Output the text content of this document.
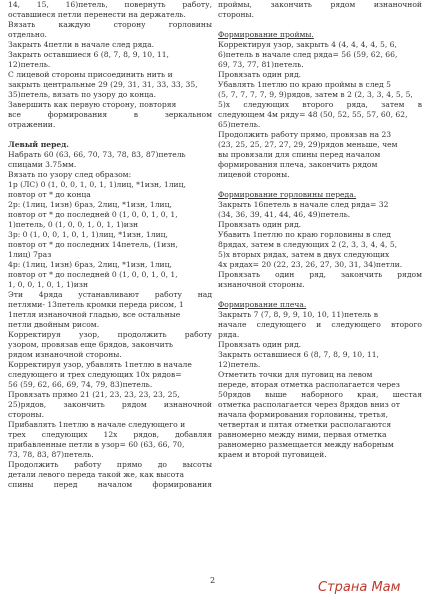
14, 15, 16)петель, повернуть работу,

оставшиеся петли перенести на держатель.

Вязать каждую сторону горловины

отдельно.

Закрыть 4петли в начале след ряда.

Закрыть оставшиеся 6 (8, 7, 8, 9, 10, 11,

12)петель.

С лицевой стороны присоединить нить и

закрыть центральные 29 (29, 31, 31, 33, 33, 35,

35)петель, вязать по узору до конца.

Завершить как первую сторону, повторяя

все формирования в зеркальном

отражении.

Левый перед.

Набрать 60 (63, 66, 70, 73, 78, 83, 87)петель

спицами 3.75мм.

Вязать по узору след образом:

1р (ЛС) 0 (1, 0, 0, 1, 0, 1, 1)лиц, *1изн, 1лиц,

повтор от * до конца

2р: (1лиц, 1изн) 6раз, 2лиц, *1изн, 1лиц,

повтор от * до последней 0 (1, 0, 0, 1, 0, 1,

1)петель, 0 (1, 0, 0, 1, 0, 1, 1)изн

3р: 0 (1, 0, 0, 1, 0, 1, 1)лиц, *1изн, 1лиц,

повтор от * до последних 14петель, (1изн,

1лиц) 7раз

4р: (1лиц, 1изн) 6раз, 2лиц, *1изн, 1лиц,

повтор от * до последней 0 (1, 0, 0, 1, 0, 1,

1, 0, 0, 1, 0, 1, 1)изн

Эти 4ряда устанавливают работу над

петлями- 13петель кромки переда рисом, 1

1петля изнаночной гладью, все остальные

петли двойным рисом.

Корректируя узор, продолжить работу

узором, провязав еще 6рядов, закончить

рядом изнаночной стороны.

Корректируя узор, убавлять 1петлю в начале

следующего и трех следующих 10х рядов=

56 (59, 62, 66, 69, 74, 79, 83)петель.

Провязать прямо 21 (21, 23, 23, 23, 23, 25,

25)рядов, закончить рядом изнаночной

стороны.

Прибавлять 1петлю в начале следующего и

трех следующих 12х рядов, добавляя

прибавленные петли в узор= 60 (63, 66, 70,

73, 78, 83, 87)петель.

Продолжить работу прямо до высоты

детали левого переда такой же, как высота

спины перед началом формирования

проймы, закончить рядом изнаночной

стороны.

Формирование проймы.

Корректируя узор, закрыть 4 (4, 4, 4, 4, 5, 6,

6)петель в начале след ряда= 56 (59, 62, 66,

69, 73, 77, 81)петель.

Провязать один ряд.

Убавлять 1петлю по краю проймы в след 5

(5, 7, 7, 7, 7, 9, 9)рядов, затем в 2 (2, 3, 3, 4, 5, 5,

5)х следующих второго ряда, затем в

следующем 4м ряду= 48 (50, 52, 55, 57, 60, 62,

65)петель.

Продолжить работу прямо, провязав на 23

(23, 25, 25, 27, 27, 29, 29)рядов меньше, чем

вы провязали для спины перед началом

формирования плеча, закончить рядом

лицевой стороны.

Формирование горловины переда.

Закрыть 16петель в начале след ряда= 32

(34, 36, 39, 41, 44, 46, 49)петель.

Провязать один ряд.

Убавить 1петлю по краю горловины в след

8рядах, затем в следующих 2 (2, 3, 3, 4, 4, 5,

5)х вторых рядах, затем в двух следующих

4х рядах= 20 (22, 23, 26, 27, 30, 31, 34)петли.

Провязать один ряд, закончить рядом

изнаночной стороны.

Формирование плеча.

Закрыть 7 (7, 8, 9, 9, 10, 10, 11)петель в

начале следующего и следующего второго

ряда.

Провязать один ряд.

Закрыть оставшиеся 6 (8, 7, 8, 9, 10, 11,

12)петель.

Отметить точки для пуговиц на левом

переде, вторая отметка располагается через

50рядов выше наборного края, шестая

отметка располагается через 8рядов вниз от

начала формирования горловины, третья,

четвертая и пятая отметки располагаются

равномерно между ними, первая отметка

равномерно размещается между наборным

краем и второй пуговицей.

2	Страна Мам
